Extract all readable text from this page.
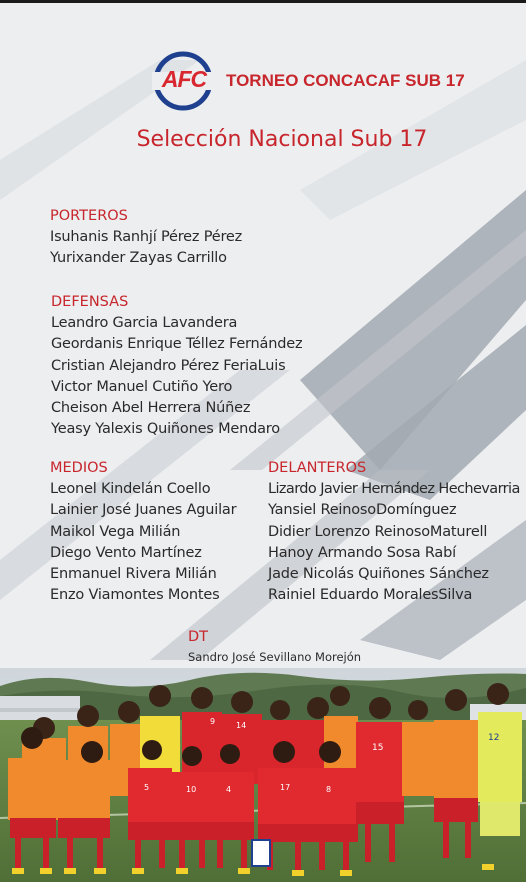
AFC TORNEO CONCACAF SUB 17
Selección Nacional Sub 17
PORTEROS
Isuhanis Ranhjí Pérez Pérez
Yurixander Zayas Carrillo
DEFENSAS
Leandro Garcia Lavandera
Geordanis Enrique Téllez Fernández
Cristian Alejandro Pérez FeriaLuis
Victor Manuel Cutiño Yero
Cheison Abel Herrera Núñez
Yeasy Yalexis Quiñones Mendaro
MEDIOS
Leonel Kindelán Coello
Lainier José Juanes Aguilar
Maikol Vega Milián
Diego Vento Martínez
Enmanuel Rivera Milián
Enzo Viamontes Montes
DELANTEROS
Lizardo Javier Hernández Hechevarria
Yansiel ReinosoDomínguez
Didier Lorenzo ReinosoMaturell
Hanoy Armando Sosa Rabí
Jade Nicolás Quiñones Sánchez
Rainiel Eduardo MoralesSilva
DT
Sandro José Sevillano Morejón
12
15
9	14
5	10	17
4	8
